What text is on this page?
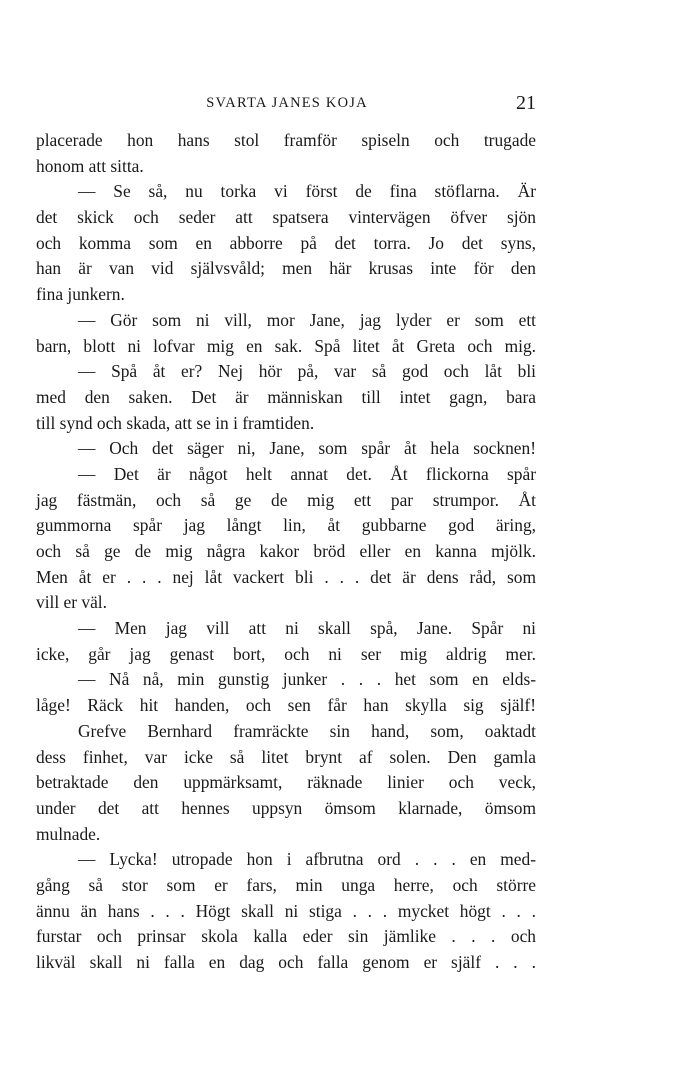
SVARTA JANES KOJA	21
placerade hon hans stol framför spiseln och trugade
honom att sitta.
— Se så, nu torka vi först de fina stöflarna. Är
det skick och seder att spatsera vintervägen öfver sjön
och komma som en abborre på det torra. Jo det syns,
han är van vid självsvåld; men här krusas inte för den
fina junkern.
— Gör som ni vill, mor Jane, jag lyder er som ett
barn, blott ni lofvar mig en sak. Spå litet åt Greta och mig.
— Spå åt er? Nej hör på, var så god och låt bli
med den saken. Det är människan till intet gagn, bara
till synd och skada, att se in i framtiden.
— Och det säger ni, Jane, som spår åt hela socknen!
— Det är något helt annat det. Åt flickorna spår
jag fästmän, och så ge de mig ett par strumpor. Åt
gummorna spår jag långt lin, åt gubbarne god äring,
och så ge de mig några kakor bröd eller en kanna mjölk.
Men åt er . . . nej låt vackert bli . . . det är dens råd, som
vill er väl.
— Men jag vill att ni skall spå, Jane. Spår ni
icke, går jag genast bort, och ni ser mig aldrig mer.
— Nå nå, min gunstig junker . . . het som en elds-
låge! Räck hit handen, och sen får han skylla sig själf!
Grefve Bernhard framräckte sin hand, som, oaktadt
dess finhet, var icke så litet brynt af solen. Den gamla
betraktade den uppmärksamt, räknade linier och veck,
under det att hennes uppsyn ömsom klarnade, ömsom
mulnade.
— Lycka! utropade hon i afbrutna ord . . . en med-
gång så stor som er fars, min unga herre, och större
ännu än hans . . . Högt skall ni stiga . . . mycket högt . . .
furstar och prinsar skola kalla eder sin jämlike . . . och
likväl skall ni falla en dag och falla genom er själf . . .
